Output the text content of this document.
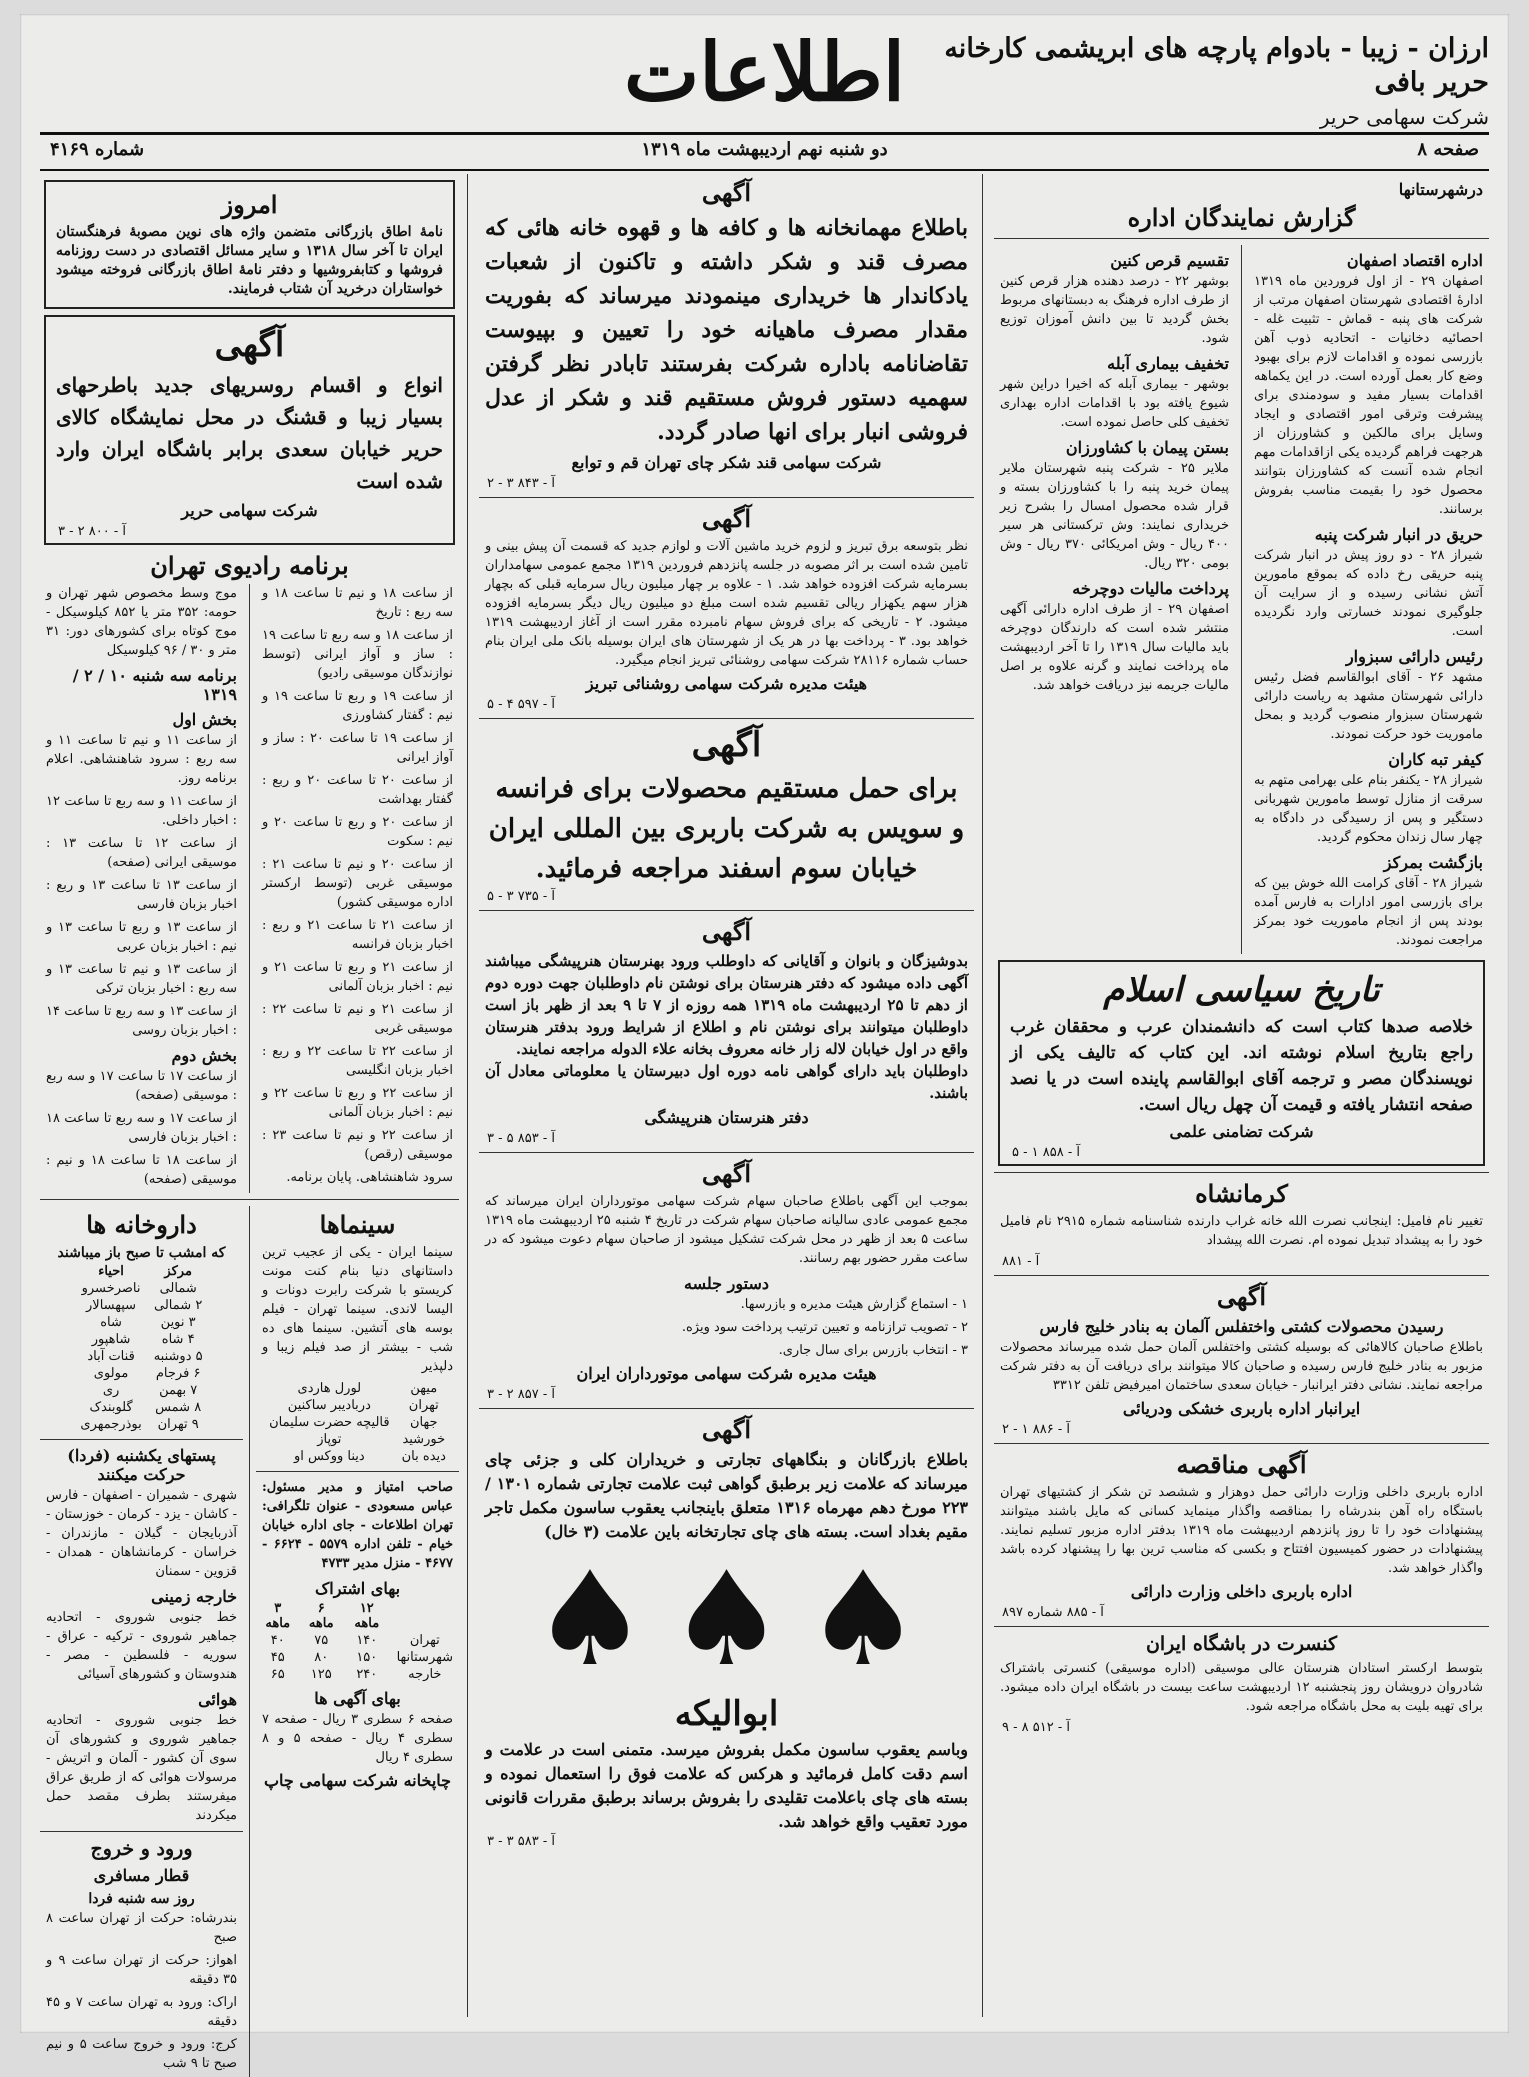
ارزان - زیبا - بادوام پارچه های ابریشمی کارخانه حریر بافی
شرکت سهامی حریر
اطلاعات
صفحه ۸
دو شنبه نهم اردیبهشت ماه ۱۳۱۹
شماره ۴۱۶۹
درشهرستانها
گزارش نمایندگان اداره
اداره اقتصاد اصفهان
اصفهان ۲۹ - از اول فروردین ماه ۱۳۱۹ ادارهٔ اقتصادی شهرستان اصفهان مرتب از شرکت های پنبه - قماش - تثبیت غله - احصائیه دخانیات - اتحادیه ذوب آهن بازرسی نموده و اقدامات لازم برای بهبود وضع کار بعمل آورده است. در این یکماهه اقدامات بسیار مفید و سودمندی برای پیشرفت وترقی امور اقتصادی و ایجاد وسایل برای مالکین و کشاورزان از هرجهت فراهم گردیده یکی ازاقدامات مهم انجام شده آنست که کشاورزان بتوانند محصول خود را بقیمت مناسب بفروش برسانند.
حریق در انبار شرکت پنبه
شیراز ۲۸ - دو روز پیش در انبار شرکت پنبه حریقی رخ داده که بموقع مامورین آتش نشانی رسیده و از سرایت آن جلوگیری نمودند خسارتی وارد نگردیده است.
رئیس دارائی سبزوار
مشهد ۲۶ - آقای ابوالقاسم فضل رئیس دارائی شهرستان مشهد به ریاست دارائی شهرستان سبزوار منصوب گردید و بمحل ماموریت خود حرکت نمودند.
کیفر تبه کاران
شیراز ۲۸ - یکنفر بنام علی بهرامی متهم به سرقت از منازل توسط مامورین شهربانی دستگیر و پس از رسیدگی در دادگاه به چهار سال زندان محکوم گردید.
بازگشت بمرکز
شیراز ۲۸ - آقای کرامت الله خوش بین که برای بازرسی امور ادارات به فارس آمده بودند پس از انجام ماموریت خود بمرکز مراجعت نمودند.
تقسیم قرص کنین
بوشهر ۲۲ - درصد دهنده هزار قرص کنین از طرف اداره فرهنگ به دبستانهای مربوط بخش گردید تا بین دانش آموزان توزیع شود.
تخفیف بیماری آبله
بوشهر - بیماری آبله که اخیرا دراین شهر شیوع یافته بود با اقدامات اداره بهداری تخفیف کلی حاصل نموده است.
بستن پیمان با کشاورزان
ملایر ۲۵ - شرکت پنبه شهرستان ملایر پیمان خرید پنبه را با کشاورزان بسته و قرار شده محصول امسال را بشرح زیر خریداری نمایند: وش ترکستانی هر سیر ۴۰۰ ریال - وش امریکائی ۳۷۰ ریال - وش بومی ۳۲۰ ریال.
پرداخت مالیات دوچرخه
اصفهان ۲۹ - از طرف اداره دارائی آگهی منتشر شده است که دارندگان دوچرخه باید مالیات سال ۱۳۱۹ را تا آخر اردیبهشت ماه پرداخت نمایند و گرنه علاوه بر اصل مالیات جریمه نیز دریافت خواهد شد.
تاریخ سیاسی اسلام
خلاصه صدها کتاب است که دانشمندان عرب و محققان غرب راجع بتاریخ اسلام نوشته اند. این کتاب که تالیف یکی از نویسندگان مصر و ترجمه آقای ابوالقاسم پاینده است در یا نصد صفحه انتشار یافته و قیمت آن چهل ریال است.
شرکت تضامنی علمی
آ - ۸۵۸ ۱ - ۵
کرمانشاه
تغییر نام فامیل: اینجانب نصرت الله خانه غراب دارنده شناسنامه شماره ۲۹۱۵ نام فامیل خود را به پیشداد تبدیل نموده ام. نصرت الله پیشداد
آ - ۸۸۱
آگهی
رسیدن محصولات کشتی واختفلس آلمان به بنادر خلیج فارس
باطلاع صاحبان کالاهائی که بوسیله کشتی واختفلس آلمان حمل شده میرساند محصولات مزبور به بنادر خلیج فارس رسیده و صاحبان کالا میتوانند برای دریافت آن به دفتر شرکت مراجعه نمایند. نشانی دفتر ایرانبار - خیابان سعدی ساختمان امیرفیض تلفن ۳۳۱۲
ایرانبار اداره باربری خشکی ودریائی
آ - ۸۸۶ ۱ - ۲
آگهی مناقصه
اداره باربری داخلی وزارت دارائی حمل دوهزار و ششصد تن شکر از کشتیهای تهران باستگاه راه آهن بندرشاه را بمناقصه واگذار مینماید کسانی که مایل باشند میتوانند پیشنهادات خود را تا روز پانزدهم اردیبهشت ماه ۱۳۱۹ بدفتر اداره مزبور تسلیم نمایند. پیشنهادات در حضور کمیسیون افتتاح و بکسی که مناسب ترین بها را پیشنهاد کرده باشد واگذار خواهد شد.
اداره باربری داخلی وزارت دارائی
آ - ۸۸۵ شماره ۸۹۷
کنسرت در باشگاه ایران
بتوسط ارکستر استادان هنرستان عالی موسیقی (اداره موسیقی) کنسرتی باشتراک شادروان درویشان روز پنجشنبه ۱۲ اردیبهشت ساعت بیست در باشگاه ایران داده میشود. برای تهیه بلیت به محل باشگاه مراجعه شود.
آ - ۵۱۲ ۸ - ۹
آگهی
باطلاع مهمانخانه ها و کافه ها و قهوه خانه هائی که مصرف قند و شکر داشته و تاکنون از شعبات یادکاندار ها خریداری مینمودند میرساند که بفوریت مقدار مصرف ماهیانه خود را تعیین و بپیوست تقاضانامه باداره شرکت بفرستند تابادر نظر گرفتن سهمیه دستور فروش مستقیم قند و شکر از عدل فروشی انبار برای انها صادر گردد.
شرکت سهامی قند شکر چای تهران قم و توابع
آ - ۸۴۳ ۳ - ۲
آگهی
نظر بتوسعه برق تبریز و لزوم خرید ماشین آلات و لوازم جدید که قسمت آن پیش بینی و تامین شده است بر اثر مصوبه در جلسه پانزدهم فروردین ۱۳۱۹ مجمع عمومی سهامداران بسرمایه شرکت افزوده خواهد شد. ۱ - علاوه بر چهار میلیون ریال سرمایه قبلی که بچهار هزار سهم یکهزار ریالی تقسیم شده است مبلغ دو میلیون ریال دیگر بسرمایه افزوده میشود. ۲ - تاریخی که برای فروش سهام نامبرده مقرر است از آغاز اردیبهشت ۱۳۱۹ خواهد بود. ۳ - پرداخت بها در هر یک از شهرستان های ایران بوسیله بانک ملی ایران بنام حساب شماره ۲۸۱۱۶ شرکت سهامی روشنائی تبریز انجام میگیرد.
هیئت مدیره شرکت سهامی روشنائی تبریز
آ - ۵۹۷ ۴ - ۵
آگهی
برای حمل مستقیم محصولات برای فرانسه و سویس به شرکت باربری بین المللی ایران خیابان سوم اسفند مراجعه فرمائید.
آ - ۷۳۵ ۳ - ۵
آگهی
بدوشیزگان و بانوان و آقایانی که داوطلب ورود بهنرستان هنرپیشگی میباشند آگهی داده میشود که دفتر هنرستان برای نوشتن نام داوطلبان جهت دوره دوم از دهم تا ۲۵ اردیبهشت ماه ۱۳۱۹ همه روزه از ۷ تا ۹ بعد از ظهر باز است داوطلبان میتوانند برای نوشتن نام و اطلاع از شرایط ورود بدفتر هنرستان واقع در اول خیابان لاله زار خانه معروف بخانه علاء الدوله مراجعه نمایند.
داوطلبان باید دارای گواهی نامه دوره اول دبیرستان یا معلوماتی معادل آن باشند.
دفتر هنرستان هنرپیشگی
آ - ۸۵۳ ۵ - ۳
آگهی
بموجب این آگهی باطلاع صاحبان سهام شرکت سهامی موتورداران ایران میرساند که مجمع عمومی عادی سالیانه صاحبان سهام شرکت در تاریخ ۴ شنبه ۲۵ اردیبهشت ماه ۱۳۱۹ ساعت ۵ بعد از ظهر در محل شرکت تشکیل میشود از صاحبان سهام دعوت میشود که در ساعت مقرر حضور بهم رسانند.
دستور جلسه
۱ - استماع گزارش هیئت مدیره و بازرسها.
۲ - تصویب ترازنامه و تعیین ترتیب پرداخت سود ویژه.
۳ - انتخاب بازرس برای سال جاری.
هیئت مدیره شرکت سهامی موتورداران ایران
آ - ۸۵۷ ۲ - ۳
آگهی
باطلاع بازرگانان و بنگاههای تجارتی و خریداران کلی و جزئی چای میرساند که علامت زیر برطبق گواهی ثبت علامت تجارتی شماره ۱۳۰۱ / ۲۲۳ مورخ دهم مهرماه ۱۳۱۶ متعلق باینجانب یعقوب ساسون مکمل تاجر مقیم بغداد است. بسته های چای تجارتخانه باین علامت (۳ خال)
♠
♠
♠
ابوالیکه
وباسم یعقوب ساسون مکمل بفروش میرسد. متمنی است در علامت و اسم دقت کامل فرمائید و هرکس که علامت فوق را استعمال نموده و بسته های چای باعلامت تقلیدی را بفروش برساند برطبق مقررات قانونی مورد تعقیب واقع خواهد شد.
آ - ۵۸۳ ۳ - ۳
امروز
نامهٔ اطاق بازرگانی متضمن واژه های نوین مصوبهٔ فرهنگستان ایران تا آخر سال ۱۳۱۸ و سایر مسائل اقتصادی در دست روزنامه فروشها و کتابفروشیها و دفتر نامهٔ اطاق بازرگانی فروخته میشود خواستاران درخرید آن شتاب فرمایند.
آگهی
انواع و اقسام روسریهای جدید باطرحهای بسیار زیبا و قشنگ در محل نمایشگاه کالای حریر خیابان سعدی برابر باشگاه ایران وارد شده است
شرکت سهامی حریر
آ - ۸۰۰ ۲ - ۳
برنامه رادیوی تهران
از ساعت ۱۸ و نیم تا ساعت ۱۸ و سه ربع : تاریخ
از ساعت ۱۸ و سه ربع تا ساعت ۱۹ : ساز و آواز ایرانی (توسط نوازندگان موسیقی رادیو)
از ساعت ۱۹ و ربع تا ساعت ۱۹ و نیم : گفتار کشاورزی
از ساعت ۱۹ تا ساعت ۲۰ : ساز و آواز ایرانی
از ساعت ۲۰ تا ساعت ۲۰ و ربع : گفتار بهداشت
از ساعت ۲۰ و ربع تا ساعت ۲۰ و نیم : سکوت
از ساعت ۲۰ و نیم تا ساعت ۲۱ : موسیقی غربی (توسط ارکستر اداره موسیقی کشور)
از ساعت ۲۱ تا ساعت ۲۱ و ربع : اخبار بزبان فرانسه
از ساعت ۲۱ و ربع تا ساعت ۲۱ و نیم : اخبار بزبان آلمانی
از ساعت ۲۱ و نیم تا ساعت ۲۲ : موسیقی غربی
از ساعت ۲۲ تا ساعت ۲۲ و ربع : اخبار بزبان انگلیسی
از ساعت ۲۲ و ربع تا ساعت ۲۲ و نیم : اخبار بزبان آلمانی
از ساعت ۲۲ و نیم تا ساعت ۲۳ : موسیقی (رقص)
سرود شاهنشاهی. پایان برنامه.
موج وسط مخصوص شهر تهران و حومه: ۳۵۲ متر یا ۸۵۲ کیلوسیکل - موج کوتاه برای کشورهای دور: ۳۱ متر و ۳۰ / ۹۶ کیلوسیکل
برنامه سه شنبه ۱۰ / ۲ / ۱۳۱۹
بخش اول
از ساعت ۱۱ و نیم تا ساعت ۱۱ و سه ربع : سرود شاهنشاهی. اعلام برنامه روز.
از ساعت ۱۱ و سه ربع تا ساعت ۱۲ : اخبار داخلی.
از ساعت ۱۲ تا ساعت ۱۳ : موسیقی ایرانی (صفحه)
از ساعت ۱۳ تا ساعت ۱۳ و ربع : اخبار بزبان فارسی
از ساعت ۱۳ و ربع تا ساعت ۱۳ و نیم : اخبار بزبان عربی
از ساعت ۱۳ و نیم تا ساعت ۱۳ و سه ربع : اخبار بزبان ترکی
از ساعت ۱۳ و سه ربع تا ساعت ۱۴ : اخبار بزبان روسی
بخش دوم
از ساعت ۱۷ تا ساعت ۱۷ و سه ربع : موسیقی (صفحه)
از ساعت ۱۷ و سه ربع تا ساعت ۱۸ : اخبار بزبان فارسی
از ساعت ۱۸ تا ساعت ۱۸ و نیم : موسیقی (صفحه)
سینماها
سینما ایران - یکی از عجیب ترین داستانهای دنیا بنام کنت مونت کریستو با شرکت رابرت دونات و الیسا لاندی. سینما تهران - فیلم بوسه های آتشین. سینما های ده شب - بیشتر از صد فیلم زیبا و دلپذیر
میهن	لورل هاردی
تهران	دربادیبر ساکنین
جهان	قالیچه حضرت سلیمان
خورشید	توپاز
دیده بان	دینا ووکس او
صاحب امتیاز و مدیر مسئول: عباس مسعودی - عنوان تلگرافی: تهران اطلاعات - جای اداره خیابان خیام - تلفن اداره ۵۵۷۹ - ۶۶۲۴ - ۴۶۷۷ - منزل مدیر ۴۷۳۳
بهای اشتراک
	۱۲ ماهه	۶ ماهه	۳ ماهه
تهران	۱۴۰	۷۵	۴۰
شهرستانها	۱۵۰	۸۰	۴۵
خارجه	۲۴۰	۱۲۵	۶۵
بهای آگهی ها
صفحه ۶ سطری ۳ ریال - صفحه ۷ سطری ۴ ریال - صفحه ۵ و ۸ سطری ۴ ریال
چاپخانه شرکت سهامی چاپ
داروخانه ها
که امشب تا صبح باز میباشند
مرکز	احیاء
شمالی	ناصرخسرو
۲ شمالی	سپهسالار
۳ نوین	شاه
۴ شاه	شاهپور
۵ دوشنبه	قنات آباد
۶ فرجام	مولوی
۷ بهمن	ری
۸ شمس	گلوبندک
۹ تهران	بوذرجمهری
پستهای یکشنبه (فردا) حرکت میکنند
شهری - شمیران - اصفهان - فارس - کاشان - یزد - کرمان - خوزستان - آذربایجان - گیلان - مازندران - خراسان - کرمانشاهان - همدان - قزوین - سمنان
خارجه زمینی
خط جنوبی شوروی - اتحادیه جماهیر شوروی - ترکیه - عراق - سوریه - فلسطین - مصر - هندوستان و کشورهای آسیائی
هوائی
خط جنوبی شوروی - اتحادیه جماهیر شوروی و کشورهای آن سوی آن کشور - آلمان و اتریش - مرسولات هوائی که از طریق عراق میفرستند بطرف مقصد حمل میکردند
ورود و خروج
قطار مسافری
روز سه شنبه فردا
بندرشاه: حرکت از تهران ساعت ۸ صبح
اهواز: حرکت از تهران ساعت ۹ و ۳۵ دقیقه
اراک: ورود به تهران ساعت ۷ و ۴۵ دقیقه
کرج: ورود و خروج ساعت ۵ و نیم صبح تا ۹ شب
